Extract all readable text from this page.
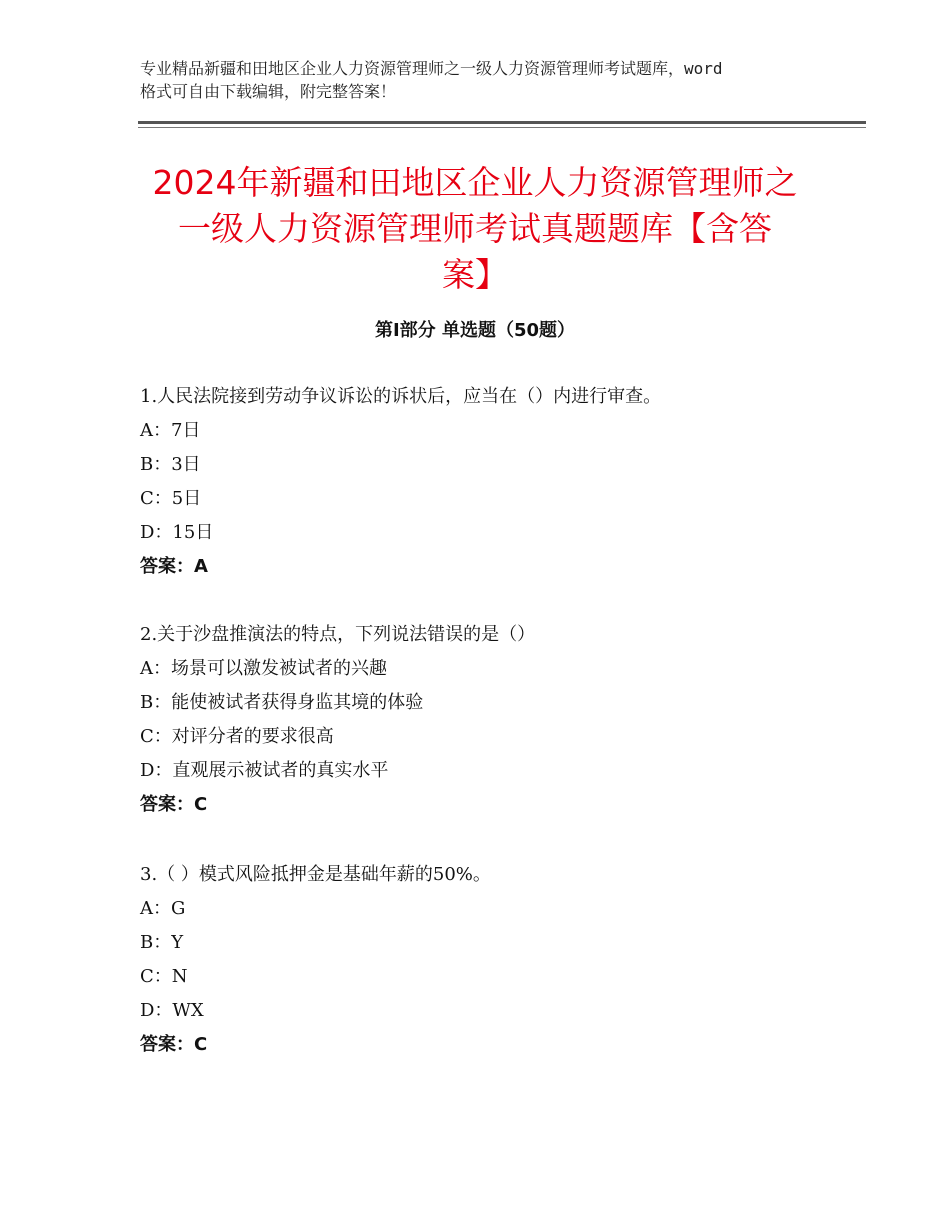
专业精品新疆和田地区企业人力资源管理师之一级人力资源管理师考试题库，word
格式可自由下载编辑，附完整答案！
2024年新疆和田地区企业人力资源管理师之
一级人力资源管理师考试真题题库【含答
案】
第Ⅰ部分 单选题（50题）
1.人民法院接到劳动争议诉讼的诉状后，应当在（）内进行审查。
A：7日
B：3日
C：5日
D：15日
答案：A
2.关于沙盘推演法的特点，下列说法错误的是（）
A：场景可以激发被试者的兴趣
B：能使被试者获得身监其境的体验
C：对评分者的要求很高
D：直观展示被试者的真实水平
答案：C
3.（ ）模式风险抵押金是基础年薪的50%。
A：G
B：Y
C：N
D：WX
答案：C
